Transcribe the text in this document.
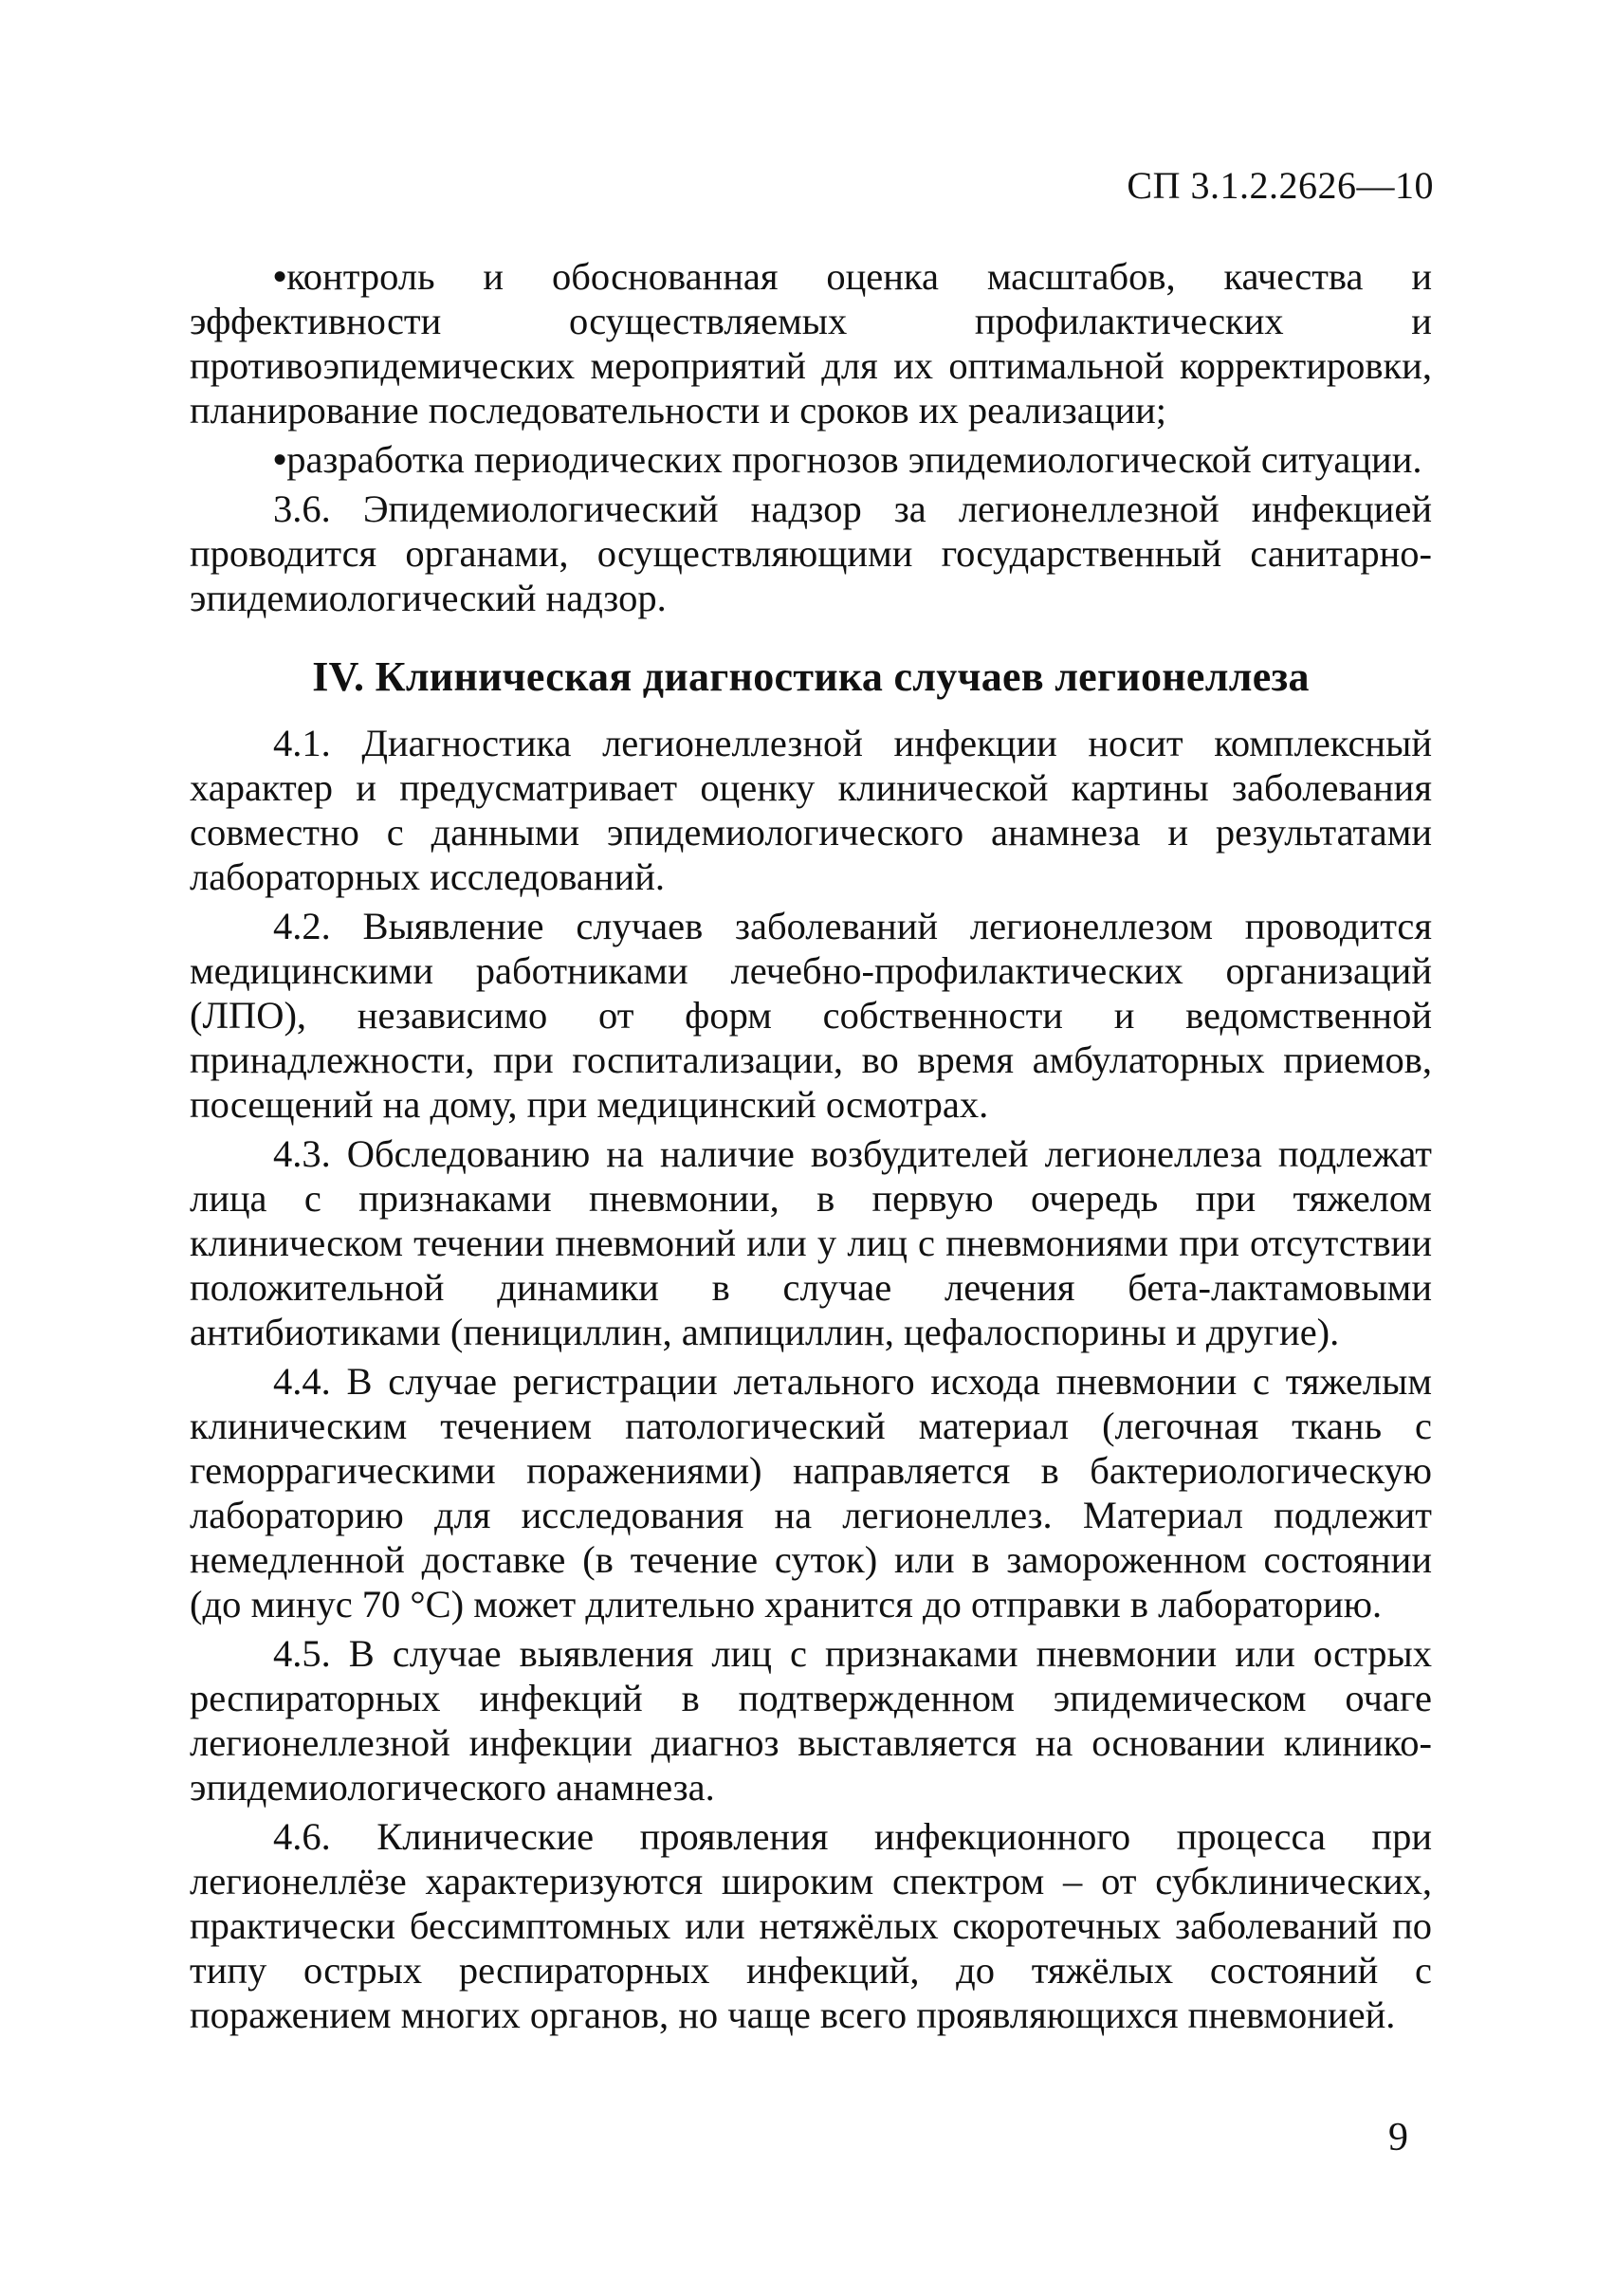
СП 3.1.2.2626—10

•контроль и обоснованная оценка масштабов, качества и эффективности осуществляемых профилактических и противоэпидемических мероприятий для их оптимальной корректировки, планирование последовательности и сроков их реализации;

•разработка периодических прогнозов эпидемиологической ситуации.

3.6. Эпидемиологический надзор за легионеллезной инфекцией проводится органами, осуществляющими государственный санитарно-эпидемиологический надзор.

IV. Клиническая диагностика случаев легионеллеза

4.1. Диагностика легионеллезной инфекции носит комплексный характер и предусматривает оценку клинической картины заболевания совместно с данными эпидемиологического анамнеза и результатами лабораторных исследований.

4.2. Выявление случаев заболеваний легионеллезом проводится медицинскими работниками лечебно-профилактических организаций (ЛПО), независимо от форм собственности и ведомственной принадлежности, при госпитализации, во время амбулаторных приемов, посещений на дому, при медицинский осмотрах.

4.3. Обследованию на наличие возбудителей легионеллеза подлежат лица с признаками пневмонии, в первую очередь при тяжелом клиническом течении пневмоний или у лиц с пневмониями при отсутствии положительной динамики в случае лечения бета-лактамовыми антибиотиками (пенициллин, ампициллин, цефалоспорины и другие).

4.4. В случае регистрации летального исхода пневмонии с тяжелым клиническим течением патологический материал (легочная ткань с геморрагическими поражениями) направляется в бактериологическую лабораторию для исследования на легионеллез. Материал подлежит немедленной доставке (в течение суток) или в замороженном состоянии (до минус 70 °С) может длительно хранится до отправки в лабораторию.

4.5. В случае выявления лиц с признаками пневмонии или острых респираторных инфекций в подтвержденном эпидемическом очаге легионеллезной инфекции диагноз выставляется на основании клинико-эпидемиологического анамнеза.

4.6. Клинические проявления инфекционного процесса при легионеллёзе характеризуются широким спектром – от субклинических, практически бессимптомных или нетяжёлых скоротечных заболеваний по типу острых респираторных инфекций, до тяжёлых состояний с поражением многих органов, но чаще всего проявляющихся пневмонией.

9
